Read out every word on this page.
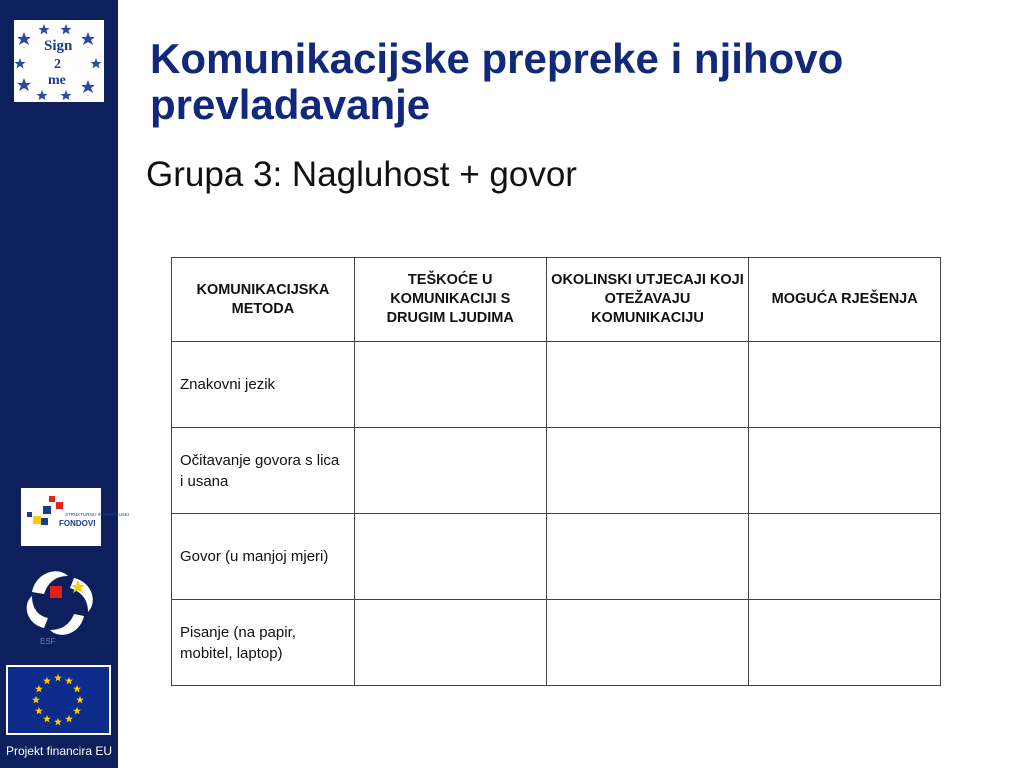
Sign
2
me
STRUKTURNI I INVESTICIJSKI
FONDOVI
ESF
Projekt financira EU
Komunikacijske prepreke i njihovo prevladavanje

Grupa 3: Nagluhost + govor

KOMUNIKACIJSKA METODA	TEŠKOĆE U KOMUNIKACIJI S DRUGIM LJUDIMA	OKOLINSKI UTJECAJI KOJI OTEŽAVAJU KOMUNIKACIJU	MOGUĆA RJEŠENJA
Znakovni jezik			
Očitavanje govora s lica i usana			
Govor (u manjoj mjeri)			
Pisanje (na papir, mobitel, laptop)			
